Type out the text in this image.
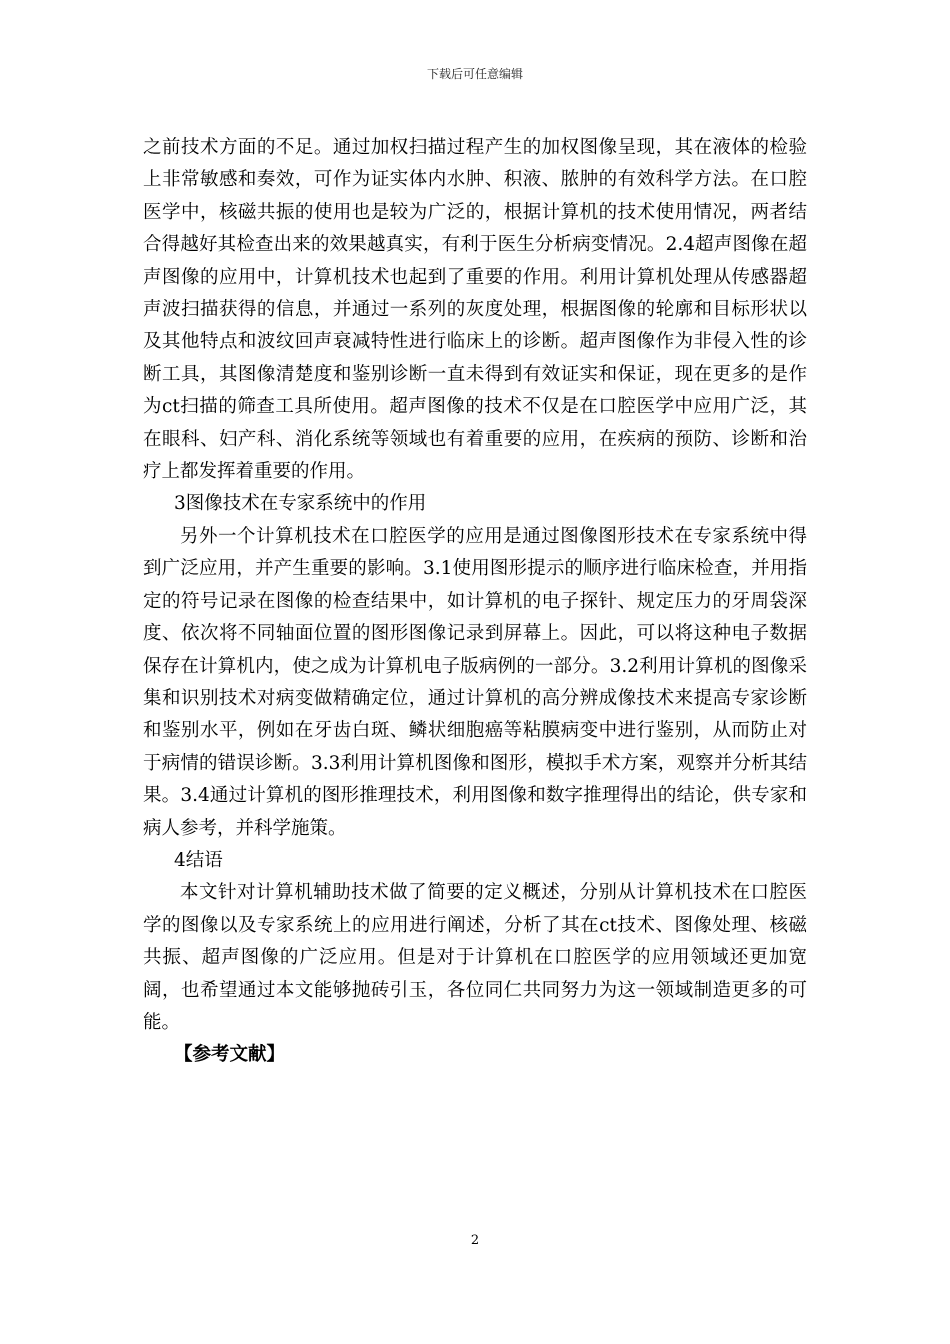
下载后可任意编辑

之前技术方面的不足。通过加权扫描过程产生的加权图像呈现，其在液体的检验上非常敏感和奏效，可作为证实体内水肿、积液、脓肿的有效科学方法。在口腔医学中，核磁共振的使用也是较为广泛的，根据计算机的技术使用情况，两者结合得越好其检查出来的效果越真实，有利于医生分析病变情况。2.4超声图像在超声图像的应用中，计算机技术也起到了重要的作用。利用计算机处理从传感器超声波扫描获得的信息，并通过一系列的灰度处理，根据图像的轮廓和目标形状以及其他特点和波纹回声衰减特性进行临床上的诊断。超声图像作为非侵入性的诊断工具，其图像清楚度和鉴别诊断一直未得到有效证实和保证，现在更多的是作为ct扫描的筛查工具所使用。超声图像的技术不仅是在口腔医学中应用广泛，其在眼科、妇产科、消化系统等领域也有着重要的应用，在疾病的预防、诊断和治疗上都发挥着重要的作用。

3图像技术在专家系统中的作用

另外一个计算机技术在口腔医学的应用是通过图像图形技术在专家系统中得到广泛应用，并产生重要的影响。3.1使用图形提示的顺序进行临床检查，并用指定的符号记录在图像的检查结果中，如计算机的电子探针、规定压力的牙周袋深度、依次将不同轴面位置的图形图像记录到屏幕上。因此，可以将这种电子数据保存在计算机内，使之成为计算机电子版病例的一部分。3.2利用计算机的图像采集和识别技术对病变做精确定位，通过计算机的高分辨成像技术来提高专家诊断和鉴别水平，例如在牙齿白斑、鳞状细胞癌等粘膜病变中进行鉴别，从而防止对于病情的错误诊断。3.3利用计算机图像和图形，模拟手术方案，观察并分析其结果。3.4通过计算机的图形推理技术，利用图像和数字推理得出的结论，供专家和病人参考，并科学施策。

4结语

本文针对计算机辅助技术做了简要的定义概述，分别从计算机技术在口腔医学的图像以及专家系统上的应用进行阐述，分析了其在ct技术、图像处理、核磁共振、超声图像的广泛应用。但是对于计算机在口腔医学的应用领域还更加宽阔，也希望通过本文能够抛砖引玉，各位同仁共同努力为这一领域制造更多的可能。

【参考文献】

2
